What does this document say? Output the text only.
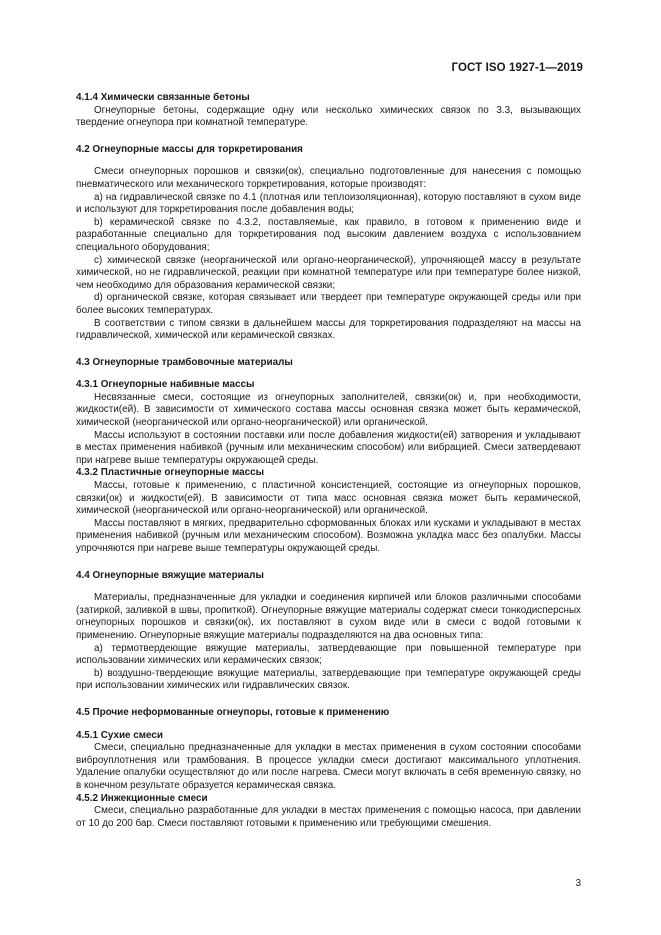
ГОСТ ISO 1927-1—2019
4.1.4 Химически связанные бетоны
Огнеупорные бетоны, содержащие одну или несколько химических связок по 3.3, вызывающих твердение огнеупора при комнатной температуре.
4.2 Огнеупорные массы для торкретирования
Смеси огнеупорных порошков и связки(ок), специально подготовленные для нанесения с помощью пневматического или механического торкретирования, которые производят:
a) на гидравлической связке по 4.1 (плотная или теплоизоляционная), которую поставляют в сухом виде и используют для торкретирования после добавления воды;
b) керамической связке по 4.3.2, поставляемые, как правило, в готовом к применению виде и разработанные специально для торкретирования под высоким давлением воздуха с использованием специального оборудования;
c) химической связке (неорганической или органо-неорганической), упрочняющей массу в результате химической, но не гидравлической, реакции при комнатной температуре или при температуре более низкой, чем необходимо для образования керамической связки;
d) органической связке, которая связывает или твердеет при температуре окружающей среды или при более высоких температурах.
В соответствии с типом связки в дальнейшем массы для торкретирования подразделяют на массы на гидравлической, химической или керамической связках.
4.3 Огнеупорные трамбовочные материалы
4.3.1 Огнеупорные набивные массы
Несвязанные смеси, состоящие из огнеупорных заполнителей, связки(ок) и, при необходимости, жидкости(ей). В зависимости от химического состава массы основная связка может быть керамической, химической (неорганической или органо-неорганической) или органической.
Массы используют в состоянии поставки или после добавления жидкости(ей) затворения и укладывают в местах применения набивкой (ручным или механическим способом) или вибрацией. Смеси затвердевают при нагреве выше температуры окружающей среды.
4.3.2 Пластичные огнеупорные массы
Массы, готовые к применению, с пластичной консистенцией, состоящие из огнеупорных порошков, связки(ок) и жидкости(ей). В зависимости от типа масс основная связка может быть керамической, химической (неорганической или органо-неорганической) или органической.
Массы поставляют в мягких, предварительно сформованных блоках или кусками и укладывают в местах применения набивкой (ручным или механическим способом). Возможна укладка масс без опалубки. Массы упрочняются при нагреве выше температуры окружающей среды.
4.4 Огнеупорные вяжущие материалы
Материалы, предназначенные для укладки и соединения кирпичей или блоков различными способами (затиркой, заливкой в швы, пропиткой). Огнеупорные вяжущие материалы содержат смеси тонкодисперсных огнеупорных порошков и связки(ок), их поставляют в сухом виде или в смеси с водой готовыми к применению. Огнеупорные вяжущие материалы подразделяются на два основных типа:
a) термотвердеющие вяжущие материалы, затвердевающие при повышенной температуре при использовании химических или керамических связок;
b) воздушно-твердеющие вяжущие материалы, затвердевающие при температуре окружающей среды при использовании химических или гидравлических связок.
4.5 Прочие неформованные огнеупоры, готовые к применению
4.5.1 Сухие смеси
Смеси, специально предназначенные для укладки в местах применения в сухом состоянии способами виброуплотнения или трамбования. В процессе укладки смеси достигают максимального уплотнения. Удаление опалубки осуществляют до или после нагрева. Смеси могут включать в себя временную связку, но в конечном результате образуется керамическая связка.
4.5.2 Инжекционные смеси
Смеси, специально разработанные для укладки в местах применения с помощью насоса, при давлении от 10 до 200 бар. Смеси поставляют готовыми к применению или требующими смешения.
3
